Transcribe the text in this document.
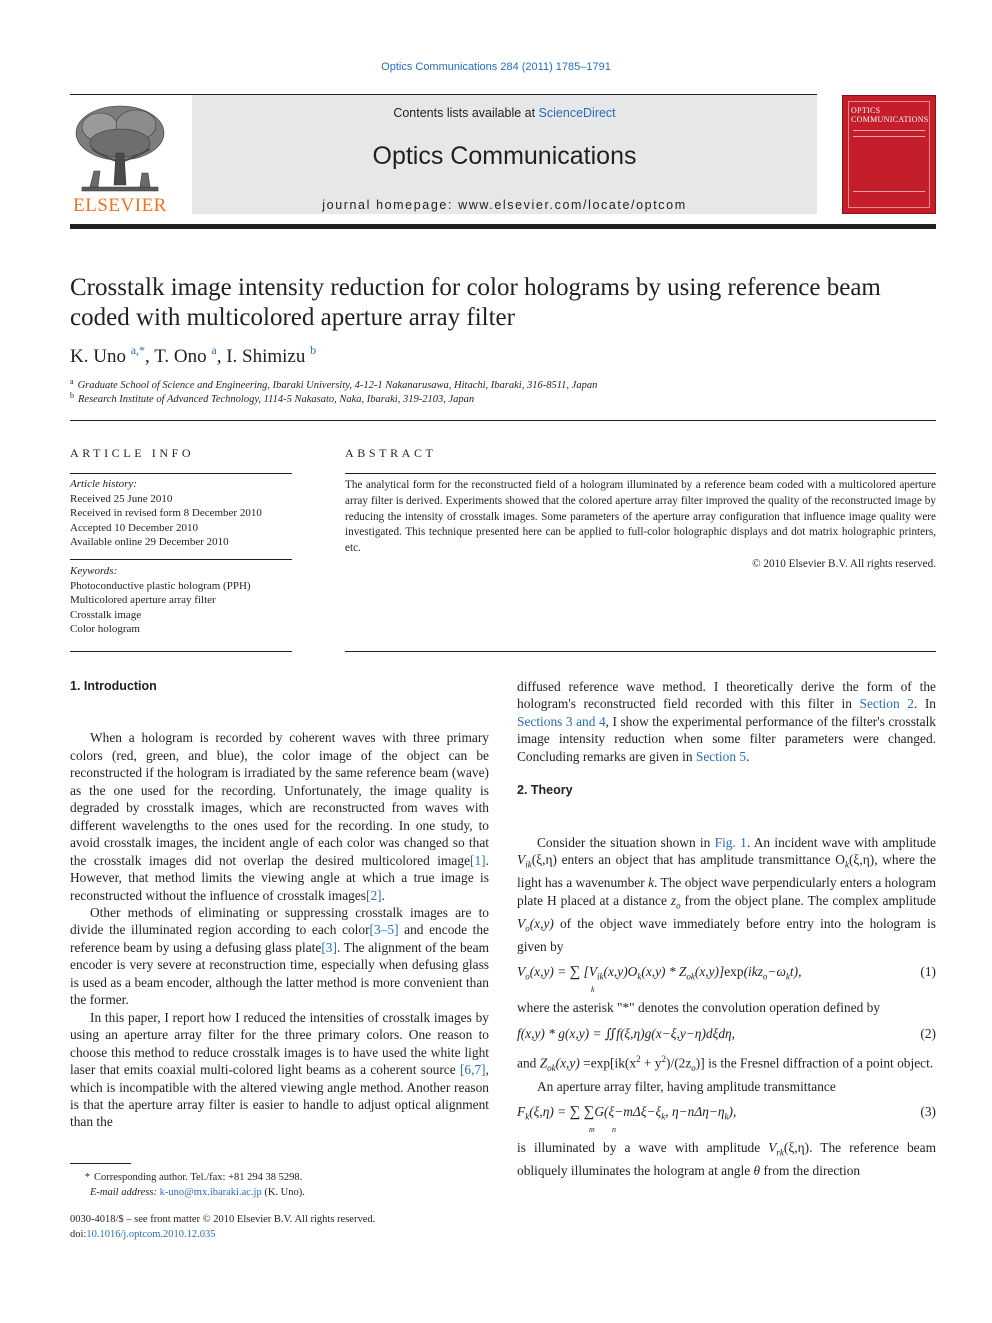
Optics Communications 284 (2011) 1785–1791
Contents lists available at ScienceDirect
Optics Communications
journal homepage: www.elsevier.com/locate/optcom
ELSEVIER
OPTICS COMMUNICATIONS
Crosstalk image intensity reduction for color holograms by using reference beam coded with multicolored aperture array filter
K. Uno $^{a,*}$, T. Ono $^a$, I. Shimizu $^b$
$^a$ Graduate School of Science and Engineering, Ibaraki University, 4-12-1 Nakanarusawa, Hitachi, Ibaraki, 316-8511, Japan
$^b$ Research Institute of Advanced Technology, 1114-5 Nakasato, Naka, Ibaraki, 319-2103, Japan
ARTICLE INFO	ABSTRACT
Article history:
Received 25 June 2010
Received in revised form 8 December 2010
Accepted 10 December 2010
Available online 29 December 2010
Keywords:
Photoconductive plastic hologram (PPH)
Multicolored aperture array filter
Crosstalk image
Color hologram

The analytical form for the reconstructed field of a hologram illuminated by a reference beam coded with a multicolored aperture array filter is derived. Experiments showed that the colored aperture array filter improved the quality of the reconstructed image by reducing the intensity of crosstalk images. Some parameters of the aperture array configuration that influence image quality were investigated. This technique presented here can be applied to full-color holographic displays and dot matrix holographic printers, etc.

© 2010 Elsevier B.V. All rights reserved.

1. Introduction

When a hologram is recorded by coherent waves with three primary colors (red, green, and blue), the color image of the object can be reconstructed if the hologram is irradiated by the same reference beam (wave) as the one used for the recording. Unfortunately, the image quality is degraded by crosstalk images, which are reconstructed from waves with different wavelengths to the ones used for the recording. In one study, to avoid crosstalk images, the incident angle of each color was changed so that the crosstalk images did not overlap the desired multicolored image[1]. However, that method limits the viewing angle at which a true image is reconstructed without the influence of crosstalk images[2].

Other methods of eliminating or suppressing crosstalk images are to divide the illuminated region according to each color[3–5] and encode the reference beam by using a defusing glass plate[3]. The alignment of the beam encoder is very severe at reconstruction time, especially when defusing glass is used as a beam encoder, although the latter method is more convenient than the former.

In this paper, I report how I reduced the intensities of crosstalk images by using an aperture array filter for the three primary colors. One reason to choose this method to reduce crosstalk images is to have used the white light laser that emits coaxial multi-colored light beams as a coherent source [6,7], which is incompatible with the altered viewing angle method. Another reason is that the aperture array filter is easier to handle to adjust optical alignment than the

diffused reference wave method. I theoretically derive the form of the hologram's reconstructed field recorded with this filter in Section 2. In Sections 3 and 4, I show the experimental performance of the filter's crosstalk image intensity reduction when some filter parameters were changed. Concluding remarks are given in Section 5.

2. Theory

Consider the situation shown in Fig. 1. An incident wave with amplitude $V_{ik}(\xi,\eta)$ enters an object that has amplitude transmittance $O_k(\xi,\eta)$, where the light has a wavenumber k. The object wave perpendicularly enters a hologram plate H placed at a distance $z_o$ from the object plane. The complex amplitude $V_o(x,y)$ of the object wave immediately before entry into the hologram is given by

$V_o(x,y)$ = ∑
k
$[V_{ik}(x,y)O_k(x,y) * Z_{ok}(x,y)]\exp(ikz_o-\omega_kt)$,	(1)

where the asterisk "*" denotes the convolution operation defined by

f(x,y) * g(x,y) = ∬f(ξ,η)g(x−ξ,y−η)dξdη,	(2)

and $Z_{ok}(x,y) =\exp[ik(x^2 + y^2)/(2z_o)]$ is the Fresnel diffraction of a point object.

An aperture array filter, having amplitude transmittance

$F_k(\xi,\eta)$ = ∑ ∑
m n
$G(\xi-m\Delta\xi-\xi_k$, $\eta-n\Delta\eta-\eta_k$),	(3)

is illuminated by a wave with amplitude $V_{rk}(\xi,\eta)$. The reference beam obliquely illuminates the hologram at angle θ from the direction

* Corresponding author. Tel./fax: +81 294 38 5298.
E-mail address: k-uno@mx.ibaraki.ac.jp (K. Uno).
0030-4018/$ – see front matter © 2010 Elsevier B.V. All rights reserved.
doi:10.1016/j.optcom.2010.12.035
